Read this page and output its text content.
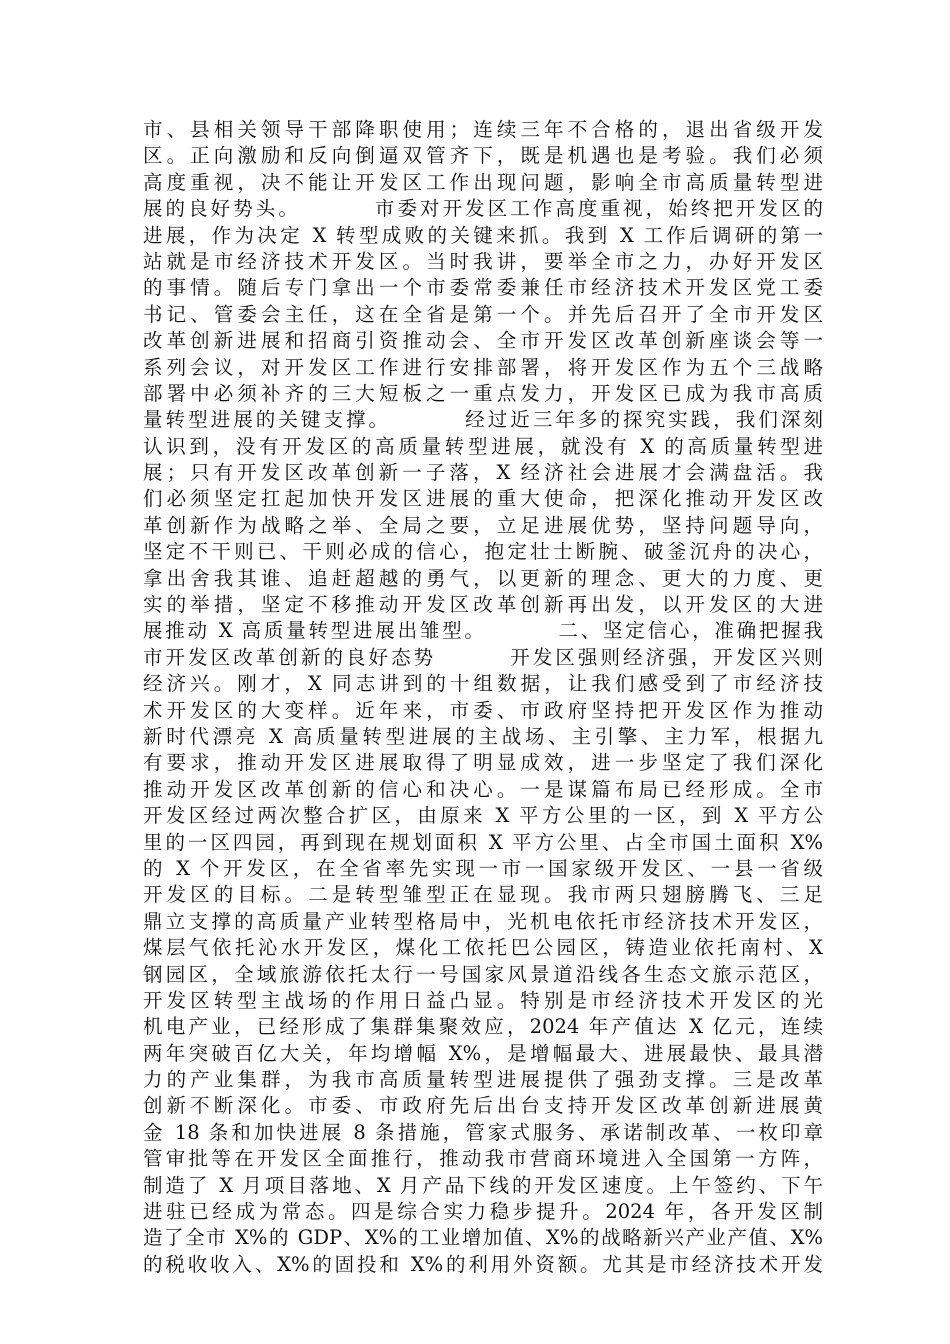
市、县相关领导干部降职使用；连续三年不合格的，退出省级开发
区。正向激励和反向倒逼双管齐下，既是机遇也是考验。我们必须
高度重视，决不能让开发区工作出现问题，影响全市高质量转型进
展的良好势头。        市委对开发区工作高度重视，始终把开发区的
进展，作为决定 X 转型成败的关键来抓。我到 X 工作后调研的第一
站就是市经济技术开发区。当时我讲，要举全市之力，办好开发区
的事情。随后专门拿出一个市委常委兼任市经济技术开发区党工委
书记、管委会主任，这在全省是第一个。并先后召开了全市开发区
改革创新进展和招商引资推动会、全市开发区改革创新座谈会等一
系列会议，对开发区工作进行安排部署，将开发区作为五个三战略
部署中必须补齐的三大短板之一重点发力，开发区已成为我市高质
量转型进展的关键支撑。        经过近三年多的探究实践，我们深刻
认识到，没有开发区的高质量转型进展，就没有 X 的高质量转型进
展；只有开发区改革创新一子落，X 经济社会进展才会满盘活。我
们必须坚定扛起加快开发区进展的重大使命，把深化推动开发区改
革创新作为战略之举、全局之要，立足进展优势，坚持问题导向，
坚定不干则已、干则必成的信心，抱定壮士断腕、破釜沉舟的决心，
拿出舍我其谁、追赶超越的勇气，以更新的理念、更大的力度、更
实的举措，坚定不移推动开发区改革创新再出发，以开发区的大进
展推动 X 高质量转型进展出雏型。        二、坚定信心，准确把握我
市开发区改革创新的良好态势        开发区强则经济强，开发区兴则
经济兴。刚才，X 同志讲到的十组数据，让我们感受到了市经济技
术开发区的大变样。近年来，市委、市政府坚持把开发区作为推动
新时代漂亮 X 高质量转型进展的主战场、主引擎、主力军，根据九
有要求，推动开发区进展取得了明显成效，进一步坚定了我们深化
推动开发区改革创新的信心和决心。一是谋篇布局已经形成。全市
开发区经过两次整合扩区，由原来 X 平方公里的一区，到 X 平方公
里的一区四园，再到现在规划面积 X 平方公里、占全市国土面积 X%
的 X 个开发区，在全省率先实现一市一国家级开发区、一县一省级
开发区的目标。二是转型雏型正在显现。我市两只翅膀腾飞、三足
鼎立支撑的高质量产业转型格局中，光机电依托市经济技术开发区，
煤层气依托沁水开发区，煤化工依托巴公园区，铸造业依托南村、X
钢园区，全域旅游依托太行一号国家风景道沿线各生态文旅示范区，
开发区转型主战场的作用日益凸显。特别是市经济技术开发区的光
机电产业，已经形成了集群集聚效应，2024 年产值达 X 亿元，连续
两年突破百亿大关，年均增幅 X%，是增幅最大、进展最快、最具潜
力的产业集群，为我市高质量转型进展提供了强劲支撑。三是改革
创新不断深化。市委、市政府先后出台支持开发区改革创新进展黄
金 18 条和加快进展 8 条措施，管家式服务、承诺制改革、一枚印章
管审批等在开发区全面推行，推动我市营商环境进入全国第一方阵，
制造了 X 月项目落地、X 月产品下线的开发区速度。上午签约、下午
进驻已经成为常态。四是综合实力稳步提升。2024 年，各开发区制
造了全市 X%的 GDP、X%的工业增加值、X%的战略新兴产业产值、X%
的税收收入、X%的固投和 X%的利用外资额。尤其是市经济技术开发
